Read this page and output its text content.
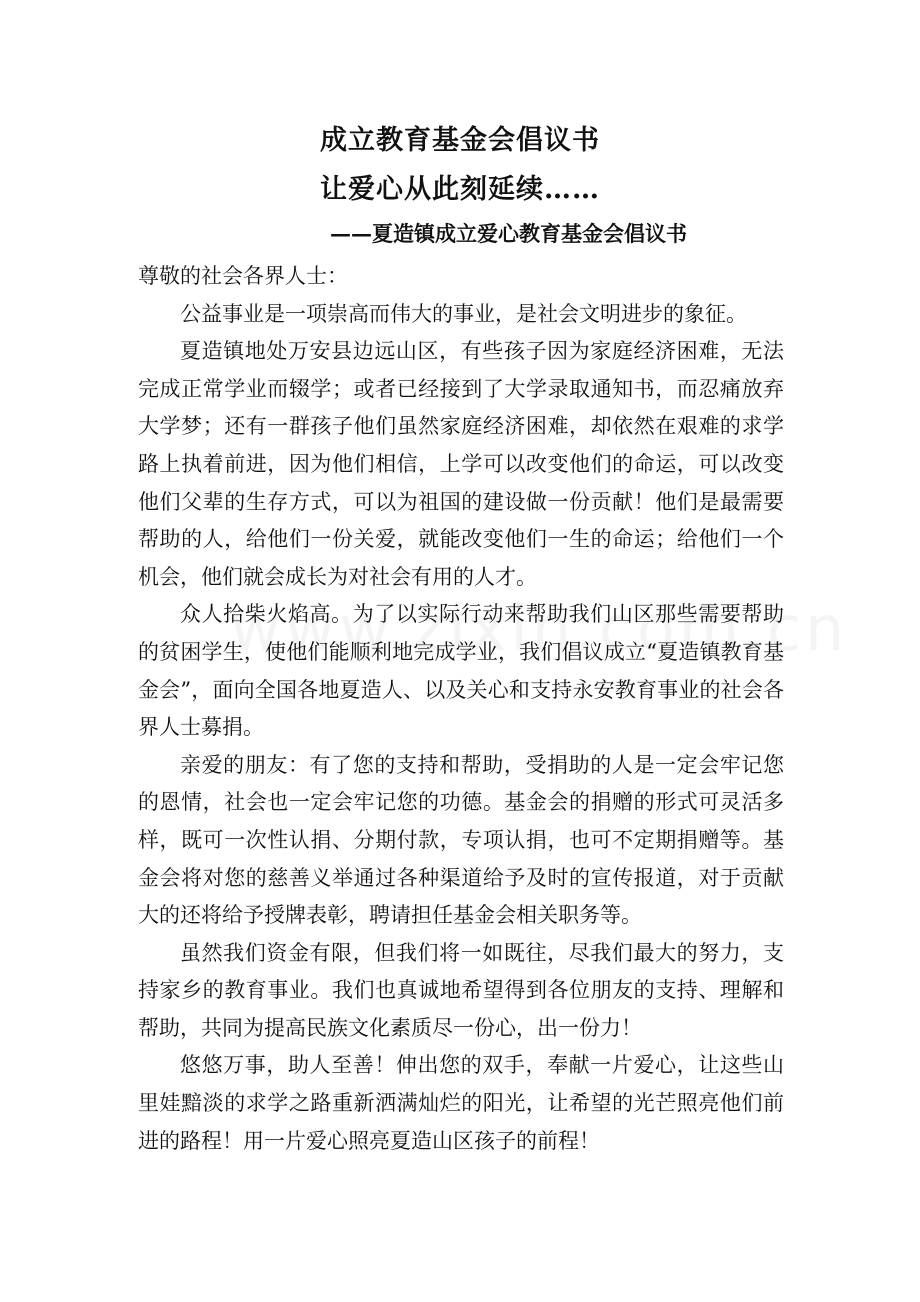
成立教育基金会倡议书
让爱心从此刻延续……
——夏造镇成立爱心教育基金会倡议书

尊敬的社会各界人士：

公益事业是一项崇高而伟大的事业，是社会文明进步的象征。

夏造镇地处万安县边远山区，有些孩子因为家庭经济困难，无法完成正常学业而辍学；或者已经接到了大学录取通知书，而忍痛放弃大学梦；还有一群孩子他们虽然家庭经济困难，却依然在艰难的求学路上执着前进，因为他们相信，上学可以改变他们的命运，可以改变他们父辈的生存方式，可以为祖国的建设做一份贡献！他们是最需要帮助的人，给他们一份关爱，就能改变他们一生的命运；给他们一个机会，他们就会成长为对社会有用的人才。

众人拾柴火焰高。为了以实际行动来帮助我们山区那些需要帮助的贫困学生，使他们能顺利地完成学业，我们倡议成立“夏造镇教育基金会”，面向全国各地夏造人、以及关心和支持永安教育事业的社会各界人士募捐。

亲爱的朋友：有了您的支持和帮助，受捐助的人是一定会牢记您的恩情，社会也一定会牢记您的功德。基金会的捐赠的形式可灵活多样，既可一次性认捐、分期付款，专项认捐，也可不定期捐赠等。基金会将对您的慈善义举通过各种渠道给予及时的宣传报道，对于贡献大的还将给予授牌表彰，聘请担任基金会相关职务等。

虽然我们资金有限，但我们将一如既往，尽我们最大的努力，支持家乡的教育事业。我们也真诚地希望得到各位朋友的支持、理解和帮助，共同为提高民族文化素质尽一份心，出一份力！

悠悠万事，助人至善！伸出您的双手，奉献一片爱心，让这些山里娃黯淡的求学之路重新洒满灿烂的阳光，让希望的光芒照亮他们前进的路程！用一片爱心照亮夏造山区孩子的前程！
